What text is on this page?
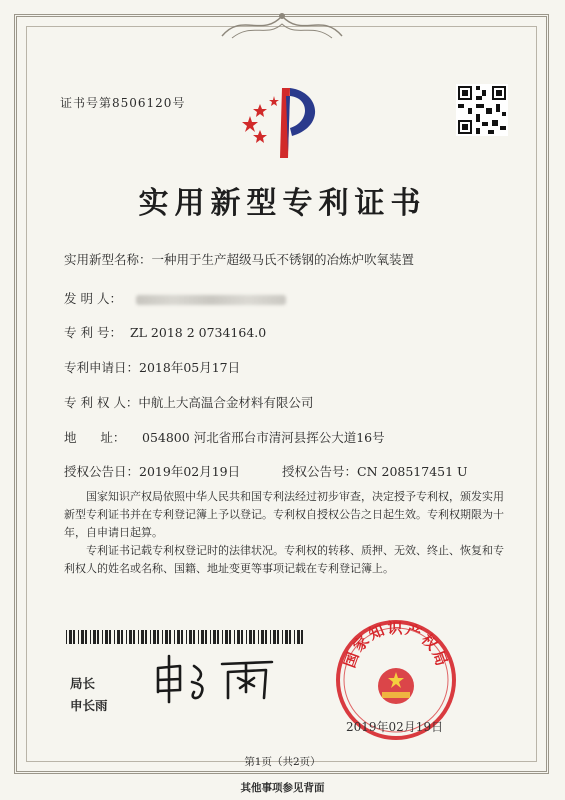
证书号第8506120号
实用新型专利证书
实用新型名称：一种用于生产超级马氏不锈钢的冶炼炉吹氧装置
发 明 人：
专 利 号： ZL 2018 2 0734164.0
专利申请日：2018年05月17日
专 利 权 人：中航上大高温合金材料有限公司
地      址： 054800 河北省邢台市清河县挥公大道16号
授权公告日：2019年02月19日	授权公告号：CN 208517451 U
国家知识产权局依照中华人民共和国专利法经过初步审查，决定授予专利权，颁发实用新型专利证书并在专利登记簿上予以登记。专利权自授权公告之日起生效。专利权期限为十年，自申请日起算。
专利证书记载专利权登记时的法律状况。专利权的转移、质押、无效、终止、恢复和专利权人的姓名或名称、国籍、地址变更等事项记载在专利登记簿上。
局长
申长雨
国家知识产权局
2019年02月19日
第1页（共2页）
其他事项参见背面
